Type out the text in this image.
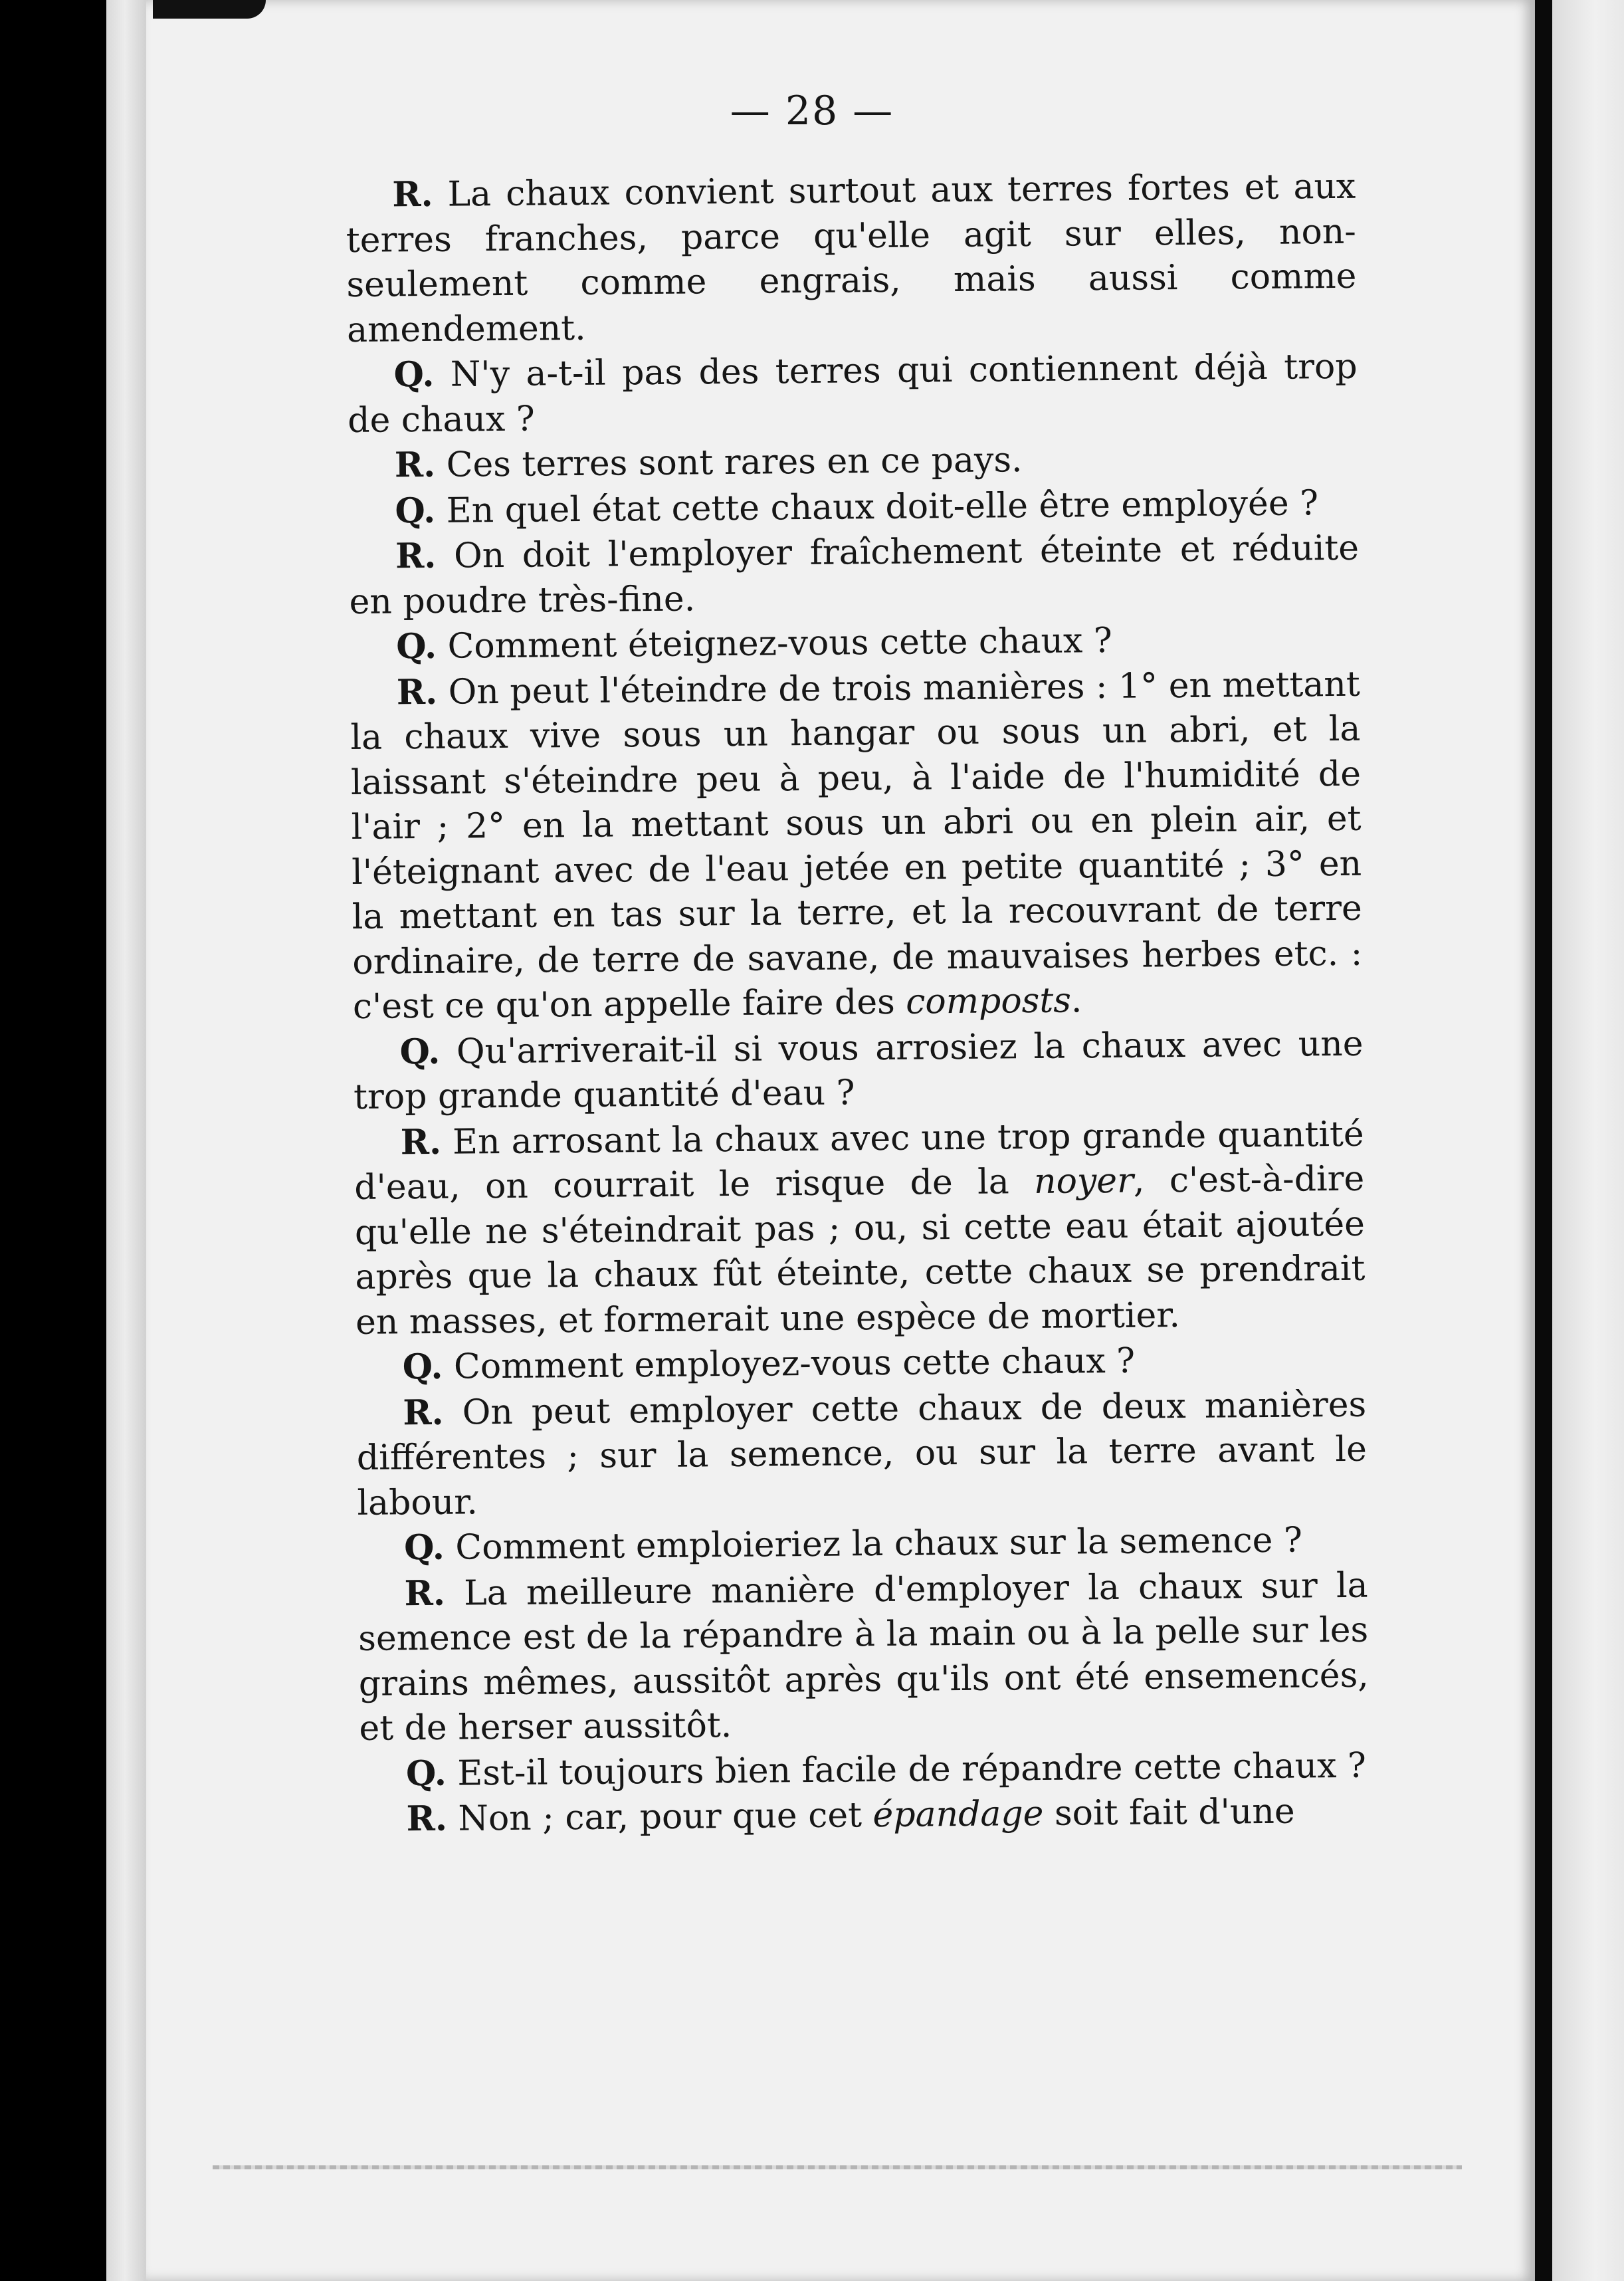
— 28 —

R. La chaux convient surtout aux terres fortes et aux terres franches, parce qu'elle agit sur elles, non-seulement comme engrais, mais aussi comme amendement.

Q. N'y a-t-il pas des terres qui contiennent déjà trop de chaux ?

R. Ces terres sont rares en ce pays.

Q. En quel état cette chaux doit-elle être employée ?

R. On doit l'employer fraîchement éteinte et réduite en poudre très-fine.

Q. Comment éteignez-vous cette chaux ?

R. On peut l'éteindre de trois manières : 1° en mettant la chaux vive sous un hangar ou sous un abri, et la laissant s'éteindre peu à peu, à l'aide de l'humidité de l'air ; 2° en la mettant sous un abri ou en plein air, et l'éteignant avec de l'eau jetée en petite quantité ; 3° en la mettant en tas sur la terre, et la recouvrant de terre ordinaire, de terre de savane, de mauvaises herbes etc. : c'est ce qu'on appelle faire des composts.

Q. Qu'arriverait-il si vous arrosiez la chaux avec une trop grande quantité d'eau ?

R. En arrosant la chaux avec une trop grande quantité d'eau, on courrait le risque de la noyer, c'est-à-dire qu'elle ne s'éteindrait pas ; ou, si cette eau était ajoutée après que la chaux fût éteinte, cette chaux se prendrait en masses, et formerait une espèce de mortier.

Q. Comment employez-vous cette chaux ?

R. On peut employer cette chaux de deux manières différentes ; sur la semence, ou sur la terre avant le labour.

Q. Comment emploieriez la chaux sur la semence ?

R. La meilleure manière d'employer la chaux sur la semence est de la répandre à la main ou à la pelle sur les grains mêmes, aussitôt après qu'ils ont été ensemencés, et de herser aussitôt.

Q. Est-il toujours bien facile de répandre cette chaux ?

R. Non ; car, pour que cet épandage soit fait d'une
